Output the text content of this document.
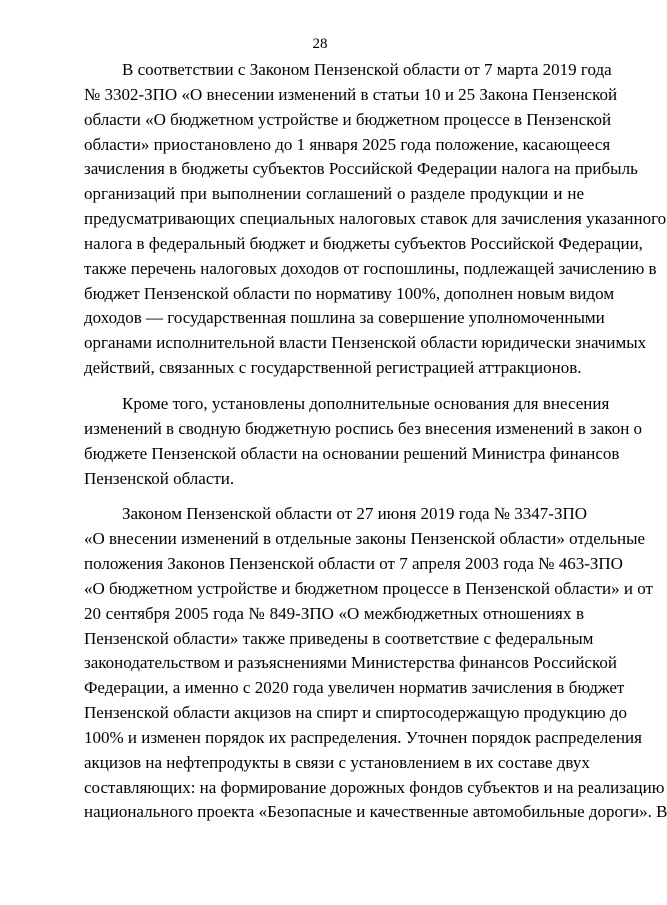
28
В соответствии с Законом Пензенской области от 7 марта 2019 года
№ 3302-ЗПО «О внесении изменений в статьи 10 и 25 Закона Пензенской
области «О бюджетном устройстве и бюджетном процессе в Пензенской
области» приостановлено до 1 января 2025 года положение, касающееся
зачисления в бюджеты субъектов Российской Федерации налога на прибыль
организаций при выполнении соглашений о разделе продукции и не
предусматривающих специальных налоговых ставок для зачисления указанного
налога в федеральный бюджет и бюджеты субъектов Российской Федерации,
также перечень налоговых доходов от госпошлины, подлежащей зачислению в
бюджет Пензенской области по нормативу 100%, дополнен новым видом
доходов — государственная пошлина за совершение уполномоченными
органами исполнительной власти Пензенской области юридически значимых
действий, связанных с государственной регистрацией аттракционов.
Кроме того, установлены дополнительные основания для внесения
изменений в сводную бюджетную роспись без внесения изменений в закон о
бюджете Пензенской области на основании решений Министра финансов
Пензенской области.
Законом Пензенской области от 27 июня 2019 года № 3347-ЗПО
«О внесении изменений в отдельные законы Пензенской области» отдельные
положения Законов Пензенской области от 7 апреля 2003 года № 463-ЗПО
«О бюджетном устройстве и бюджетном процессе в Пензенской области» и от
20 сентября 2005 года № 849-ЗПО «О межбюджетных отношениях в
Пензенской области» также приведены в соответствие с федеральным
законодательством и разъяснениями Министерства финансов Российской
Федерации, а именно с 2020 года увеличен норматив зачисления в бюджет
Пензенской области акцизов на спирт и спиртосодержащую продукцию до
100% и изменен порядок их распределения. Уточнен порядок распределения
акцизов на нефтепродукты в связи с установлением в их составе двух
составляющих: на формирование дорожных фондов субъектов и на реализацию
национального проекта «Безопасные и качественные автомобильные дороги». В
